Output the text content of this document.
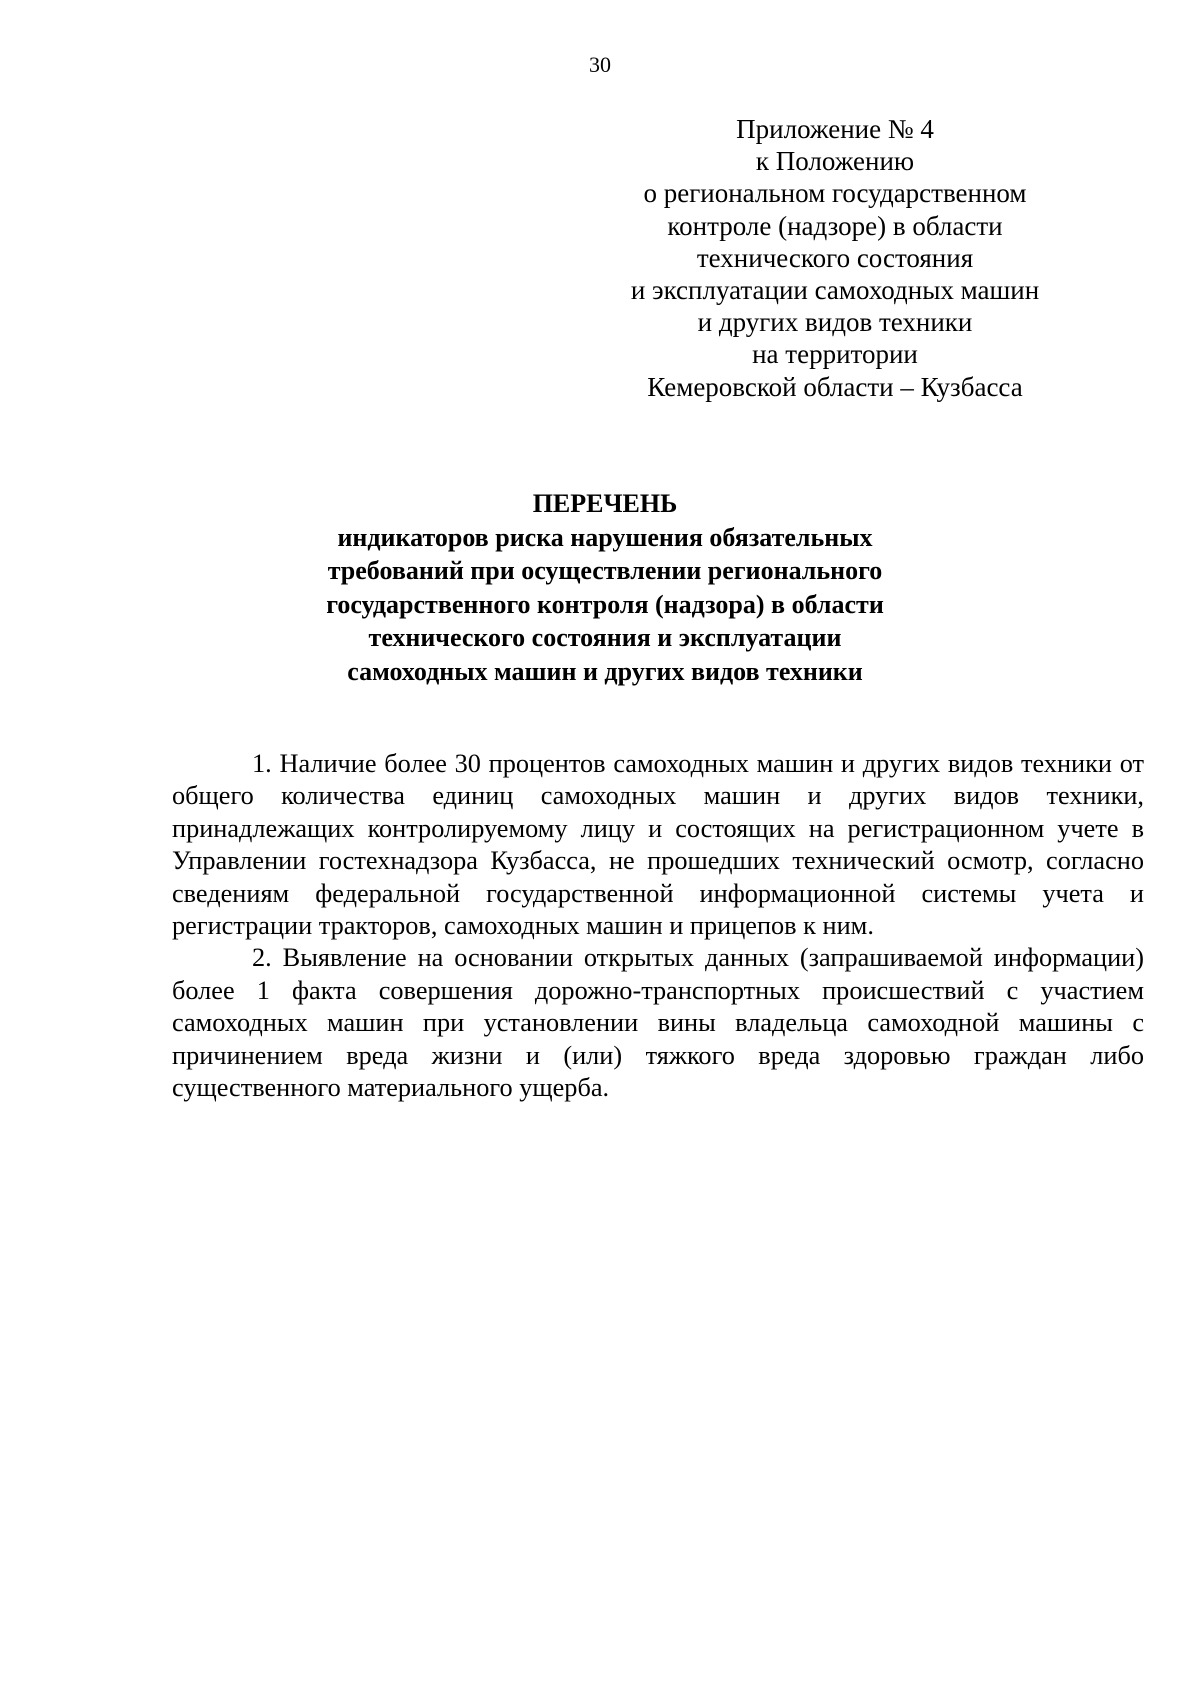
30
Приложение № 4
к Положению
о региональном государственном
контроле (надзоре) в области
технического состояния
и эксплуатации самоходных машин
и других видов техники
на территории
Кемеровской области – Кузбасса
ПЕРЕЧЕНЬ
индикаторов риска нарушения обязательных
требований при осуществлении регионального
государственного контроля (надзора) в области
технического состояния и эксплуатации
самоходных машин и других видов техники

1. Наличие более 30 процентов самоходных машин и других видов техники от общего количества единиц самоходных машин и других видов техники, принадлежащих контролируемому лицу и состоящих на регистрационном учете в Управлении гостехнадзора Кузбасса, не прошедших технический осмотр, согласно сведениям федеральной государственной информационной системы учета и регистрации тракторов, самоходных машин и прицепов к ним.

2. Выявление на основании открытых данных (запрашиваемой информации) более 1 факта совершения дорожно-транспортных происшествий с участием самоходных машин при установлении вины владельца самоходной машины с причинением вреда жизни и (или) тяжкого вреда здоровью граждан либо существенного материального ущерба.
